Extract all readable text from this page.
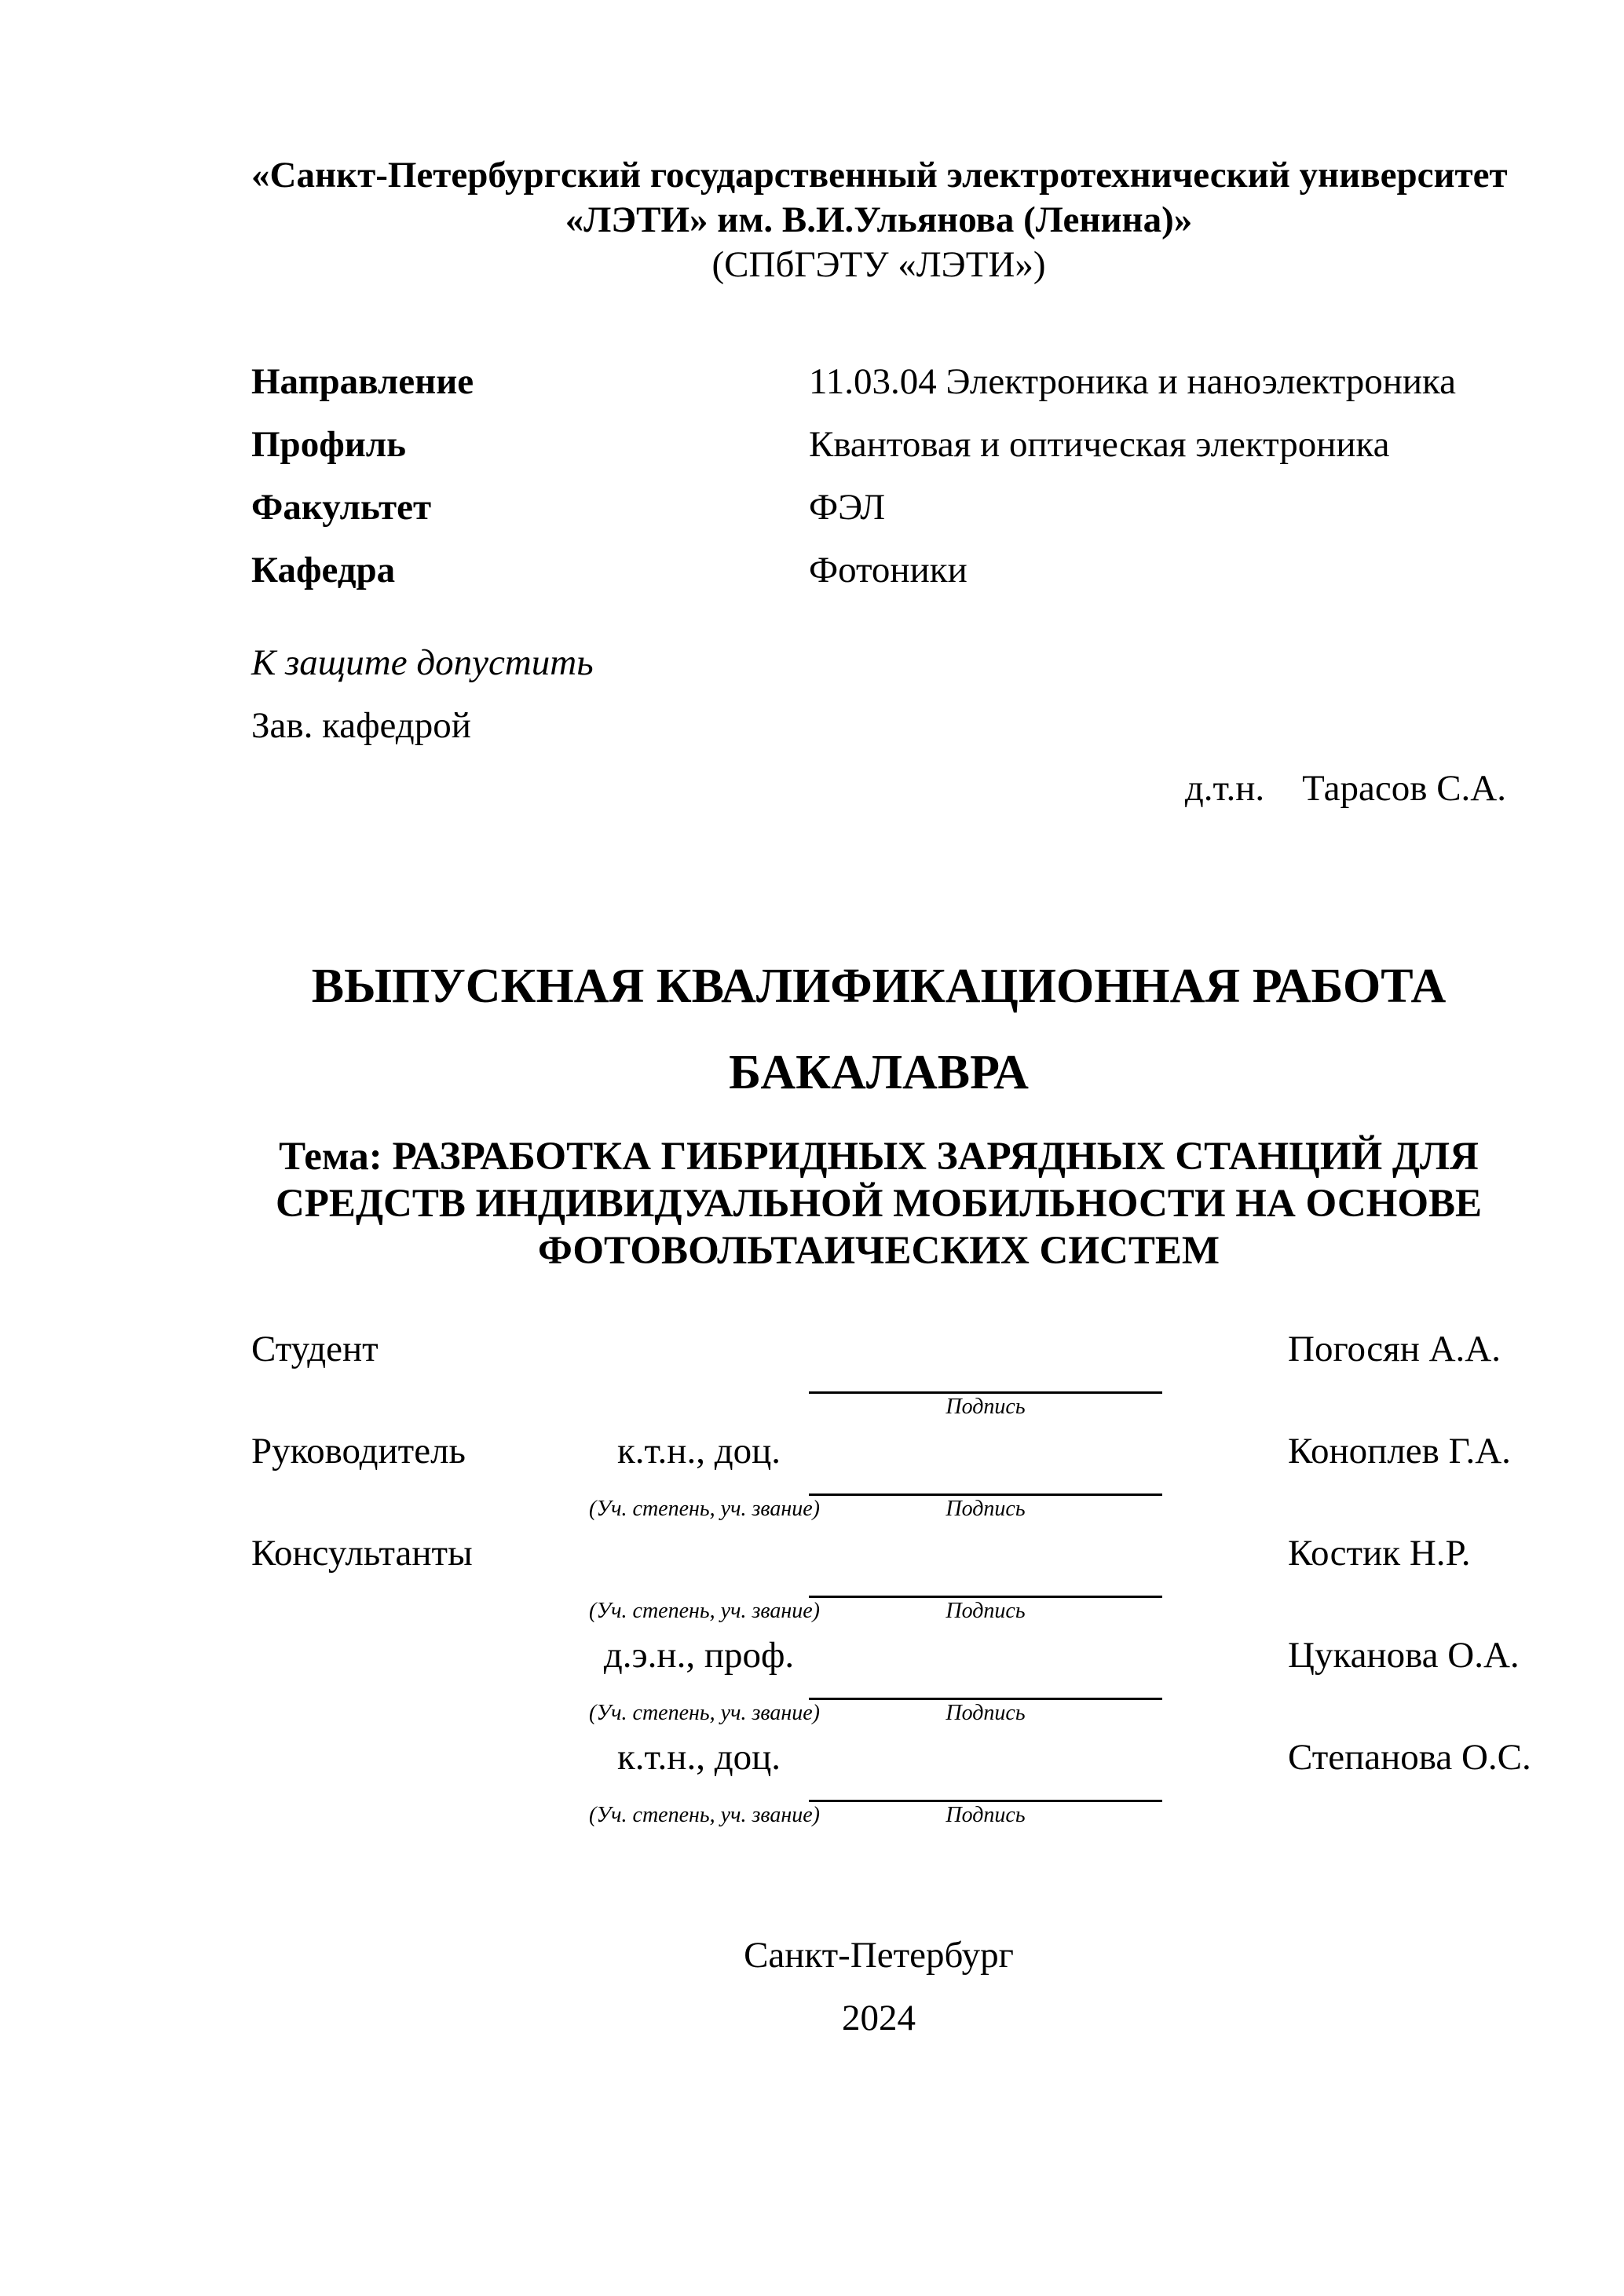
«Санкт-Петербургский государственный электротехнический университет
«ЛЭТИ» им. В.И.Ульянова (Ленина)»
(СПбГЭТУ «ЛЭТИ»)
Направление	11.03.04 Электроника и наноэлектроника
Профиль	Квантовая и оптическая электроника
Факультет	ФЭЛ
Кафедра	Фотоники
К защите допустить
Зав. кафедрой
д.т.н. Тарасов С.А.
ВЫПУСКНАЯ КВАЛИФИКАЦИОННАЯ РАБОТА
БАКАЛАВРА
Тема: РАЗРАБОТКА ГИБРИДНЫХ ЗАРЯДНЫХ СТАНЦИЙ ДЛЯ
СРЕДСТВ ИНДИВИДУАЛЬНОЙ МОБИЛЬНОСТИ НА ОСНОВЕ
ФОТОВОЛЬТАИЧЕСКИХ СИСТЕМ
Студент	Погосян А.А.
Подпись
Руководитель	к.т.н., доц.	Коноплев Г.А.
(Уч. степень, уч. звание)	Подпись
Консультанты	Костик Н.Р.
(Уч. степень, уч. звание)	Подпись
д.э.н., проф.	Цуканова О.А.
(Уч. степень, уч. звание)	Подпись
к.т.н., доц.	Степанова О.С.
(Уч. степень, уч. звание)	Подпись
Санкт-Петербург
2024
